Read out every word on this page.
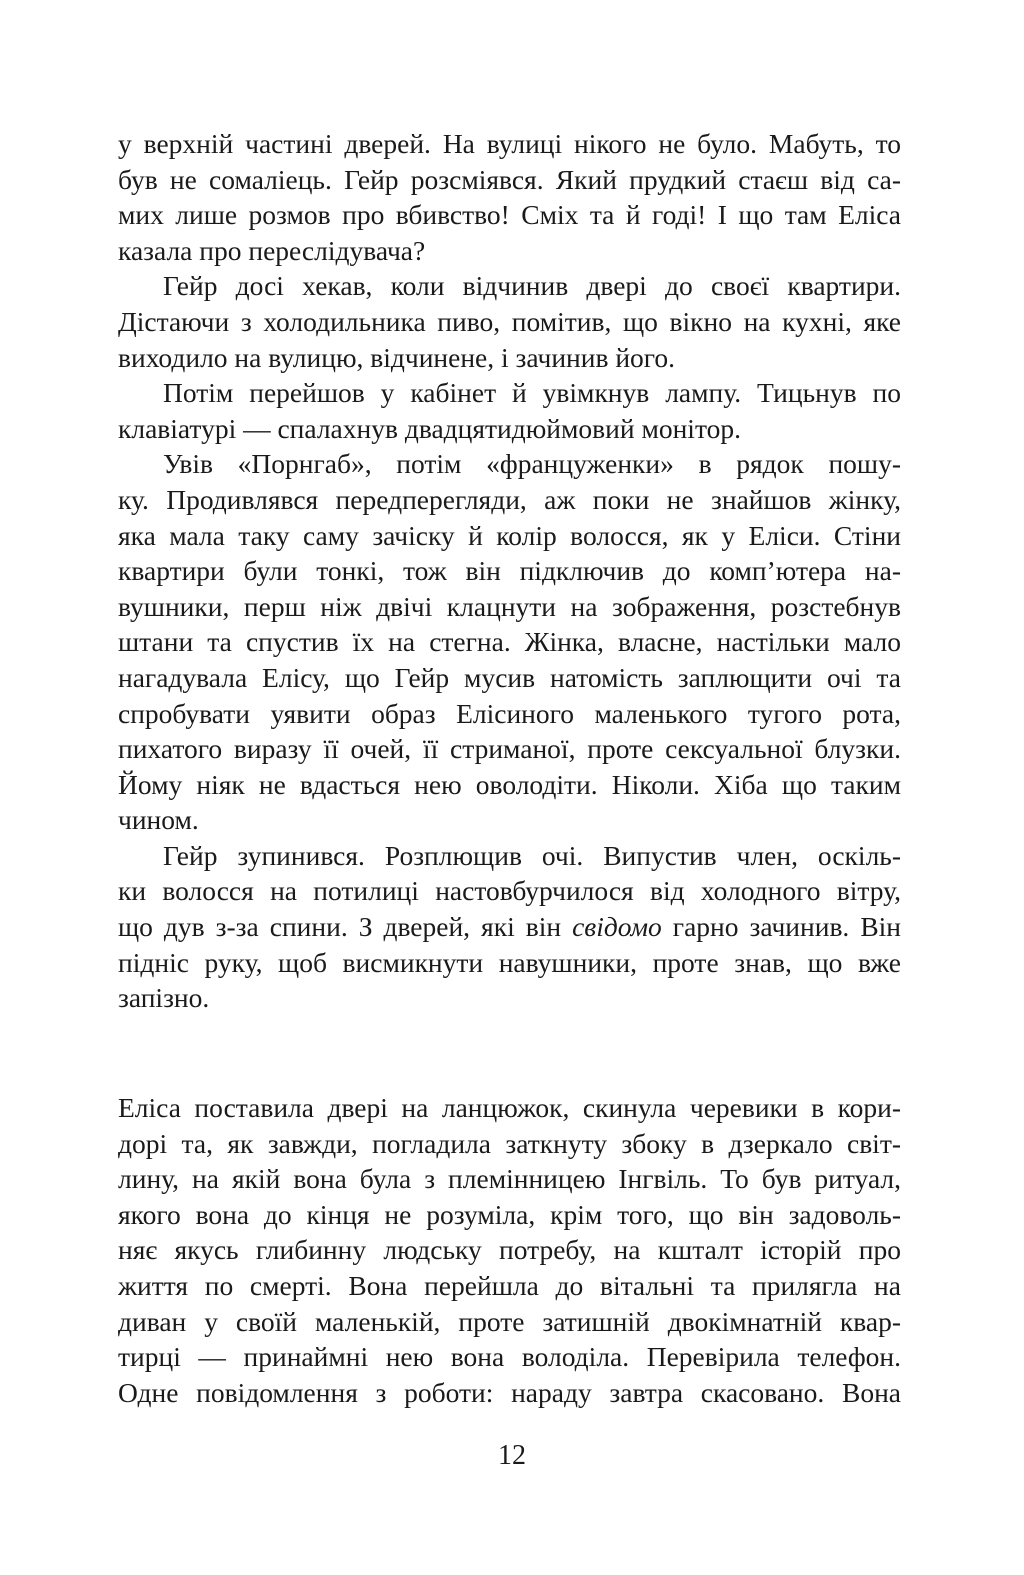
у верхній частині дверей. На вулиці нікого не було. Мабуть, то
був не сомаліець. Гейр розсміявся. Який прудкий стаєш від са-
мих лише розмов про вбивство! Сміх та й годі! І що там Еліса
казала про переслідувача?
Гейр досі хекав, коли відчинив двері до своєї квартири.
Дістаючи з холодильника пиво, помітив, що вікно на кухні, яке
виходило на вулицю, відчинене, і зачинив його.
Потім перейшов у кабінет й увімкнув лампу. Тицьнув по
клавіатурі — спалахнув двадцятидюймовий монітор.
Увів «Порнгаб», потім «француженки» в рядок пошу-
ку. Продивлявся передперегляди, аж поки не знайшов жінку,
яка мала таку саму зачіску й колір волосся, як у Еліси. Стіни
квартири були тонкі, тож він підключив до комп’ютера на-
вушники, перш ніж двічі клацнути на зображення, розстебнув
штани та спустив їх на стегна. Жінка, власне, настільки мало
нагадувала Елісу, що Гейр мусив натомість заплющити очі та
спробувати уявити образ Елісиного маленького тугого рота,
пихатого виразу її очей, її стриманої, проте сексуальної блузки.
Йому ніяк не вдасться нею оволодіти. Ніколи. Хіба що таким
чином.
Гейр зупинився. Розплющив очі. Випустив член, оскіль-
ки волосся на потилиці настовбурчилося від холодного вітру,
що дув з-за спини. З дверей, які він свідомо гарно зачинив. Він
підніс руку, щоб висмикнути навушники, проте знав, що вже
запізно.
Еліса поставила двері на ланцюжок, скинула черевики в кори-
дорі та, як завжди, погладила заткнуту збоку в дзеркало світ-
лину, на якій вона була з племінницею Інгвіль. То був ритуал,
якого вона до кінця не розуміла, крім того, що він задоволь-
няє якусь глибинну людську потребу, на кшталт історій про
життя по смерті. Вона перейшла до вітальні та прилягла на
диван у своїй маленькій, проте затишній двокімнатній квар-
тирці — принаймні нею вона володіла. Перевірила телефон.
Одне повідомлення з роботи: нараду завтра скасовано. Вона
12
